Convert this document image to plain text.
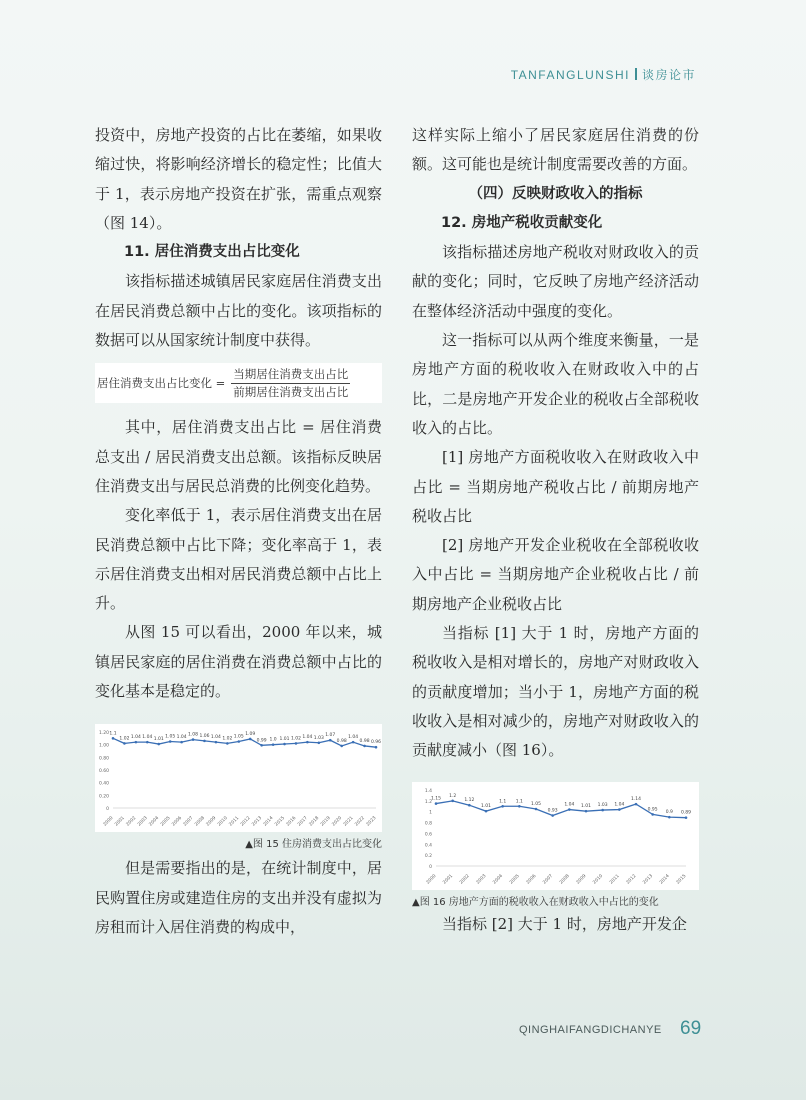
TANFANGLUNSHI 谈房论市

投资中，房地产投资的占比在萎缩，如果收缩过快，将影响经济增长的稳定性；比值大于 1，表示房地产投资在扩张，需重点观察（图 14）。

11. 居住消费支出占比变化

该指标描述城镇居民家庭居住消费支出在居民消费总额中占比的变化。该项指标的数据可以从国家统计制度中获得。

居住消费支出占比变化 = $\frac{\text{当期居住消费支出占比}}{\text{前期居住消费支出占比}}$

其中，居住消费支出占比 = 居住消费总支出 / 居民消费支出总额。该指标反映居住消费支出与居民总消费的比例变化趋势。

变化率低于 1，表示居住消费支出在居民消费总额中占比下降；变化率高于 1，表示居住消费支出相对居民消费总额中占比上升。

从图 15 可以看出，2000 年以来，城镇居民家庭的居住消费在消费总额中占比的变化基本是稳定的。

0
0.20
0.40
0.60
0.80
1.00
1.20
2000 2001 2002 2003 2004 2005 2006 2007 2008 2009 2010 2011 2012 2013 2014 2015 2016 2017 2018 2019 2020 2021 2022 2023
1.1
1.02 1.04 1.04 1.01
1.05 1.04
1.08 1.06 1.04 1.02 1.05
1.09
0.99 1.0 1.01 1.02 1.04 1.03
1.07
0.98
1.04
0.98 0.96
▲图 15 住房消费支出占比变化

但是需要指出的是，在统计制度中，居民购置住房或建造住房的支出并没有虚拟为房租而计入居住消费的构成中，

这样实际上缩小了居民家庭居住消费的份额。这可能也是统计制度需要改善的方面。

（四）反映财政收入的指标

12. 房地产税收贡献变化

该指标描述房地产税收对财政收入的贡献的变化；同时，它反映了房地产经济活动在整体经济活动中强度的变化。

这一指标可以从两个维度来衡量，一是房地产方面的税收收入在财政收入中的占比，二是房地产开发企业的税收占全部税收收入的占比。

[1] 房地产方面税收收入在财政收入中占比 = 当期房地产税收占比 / 前期房地产税收占比

[2] 房地产开发企业税收在全部税收收入中占比 = 当期房地产企业税收占比 / 前期房地产企业税收占比

当指标 [1] 大于 1 时，房地产方面的税收收入是相对增长的，房地产对财政收入的贡献度增加；当小于 1，房地产方面的税收收入是相对减少的，房地产对财政收入的贡献度减小（图 16）。

0
0.2
0.4
0.6
0.8
1
1.2
1.4
2000 2001 2002 2003 2004 2005 2006 2007 2008 2009 2010 2011 2012 2013 2014 2015
1.15
1.2
1.12
1.01
1.1 1.1
1.05
0.93
1.04 1.01 1.03 1.04
1.14
0.95
0.9 0.89
▲图 16 房地产方面的税收收入在财政收入中占比的变化

当指标 [2] 大于 1 时，房地产开发企

QINGHAIFANGDICHANYE 69
